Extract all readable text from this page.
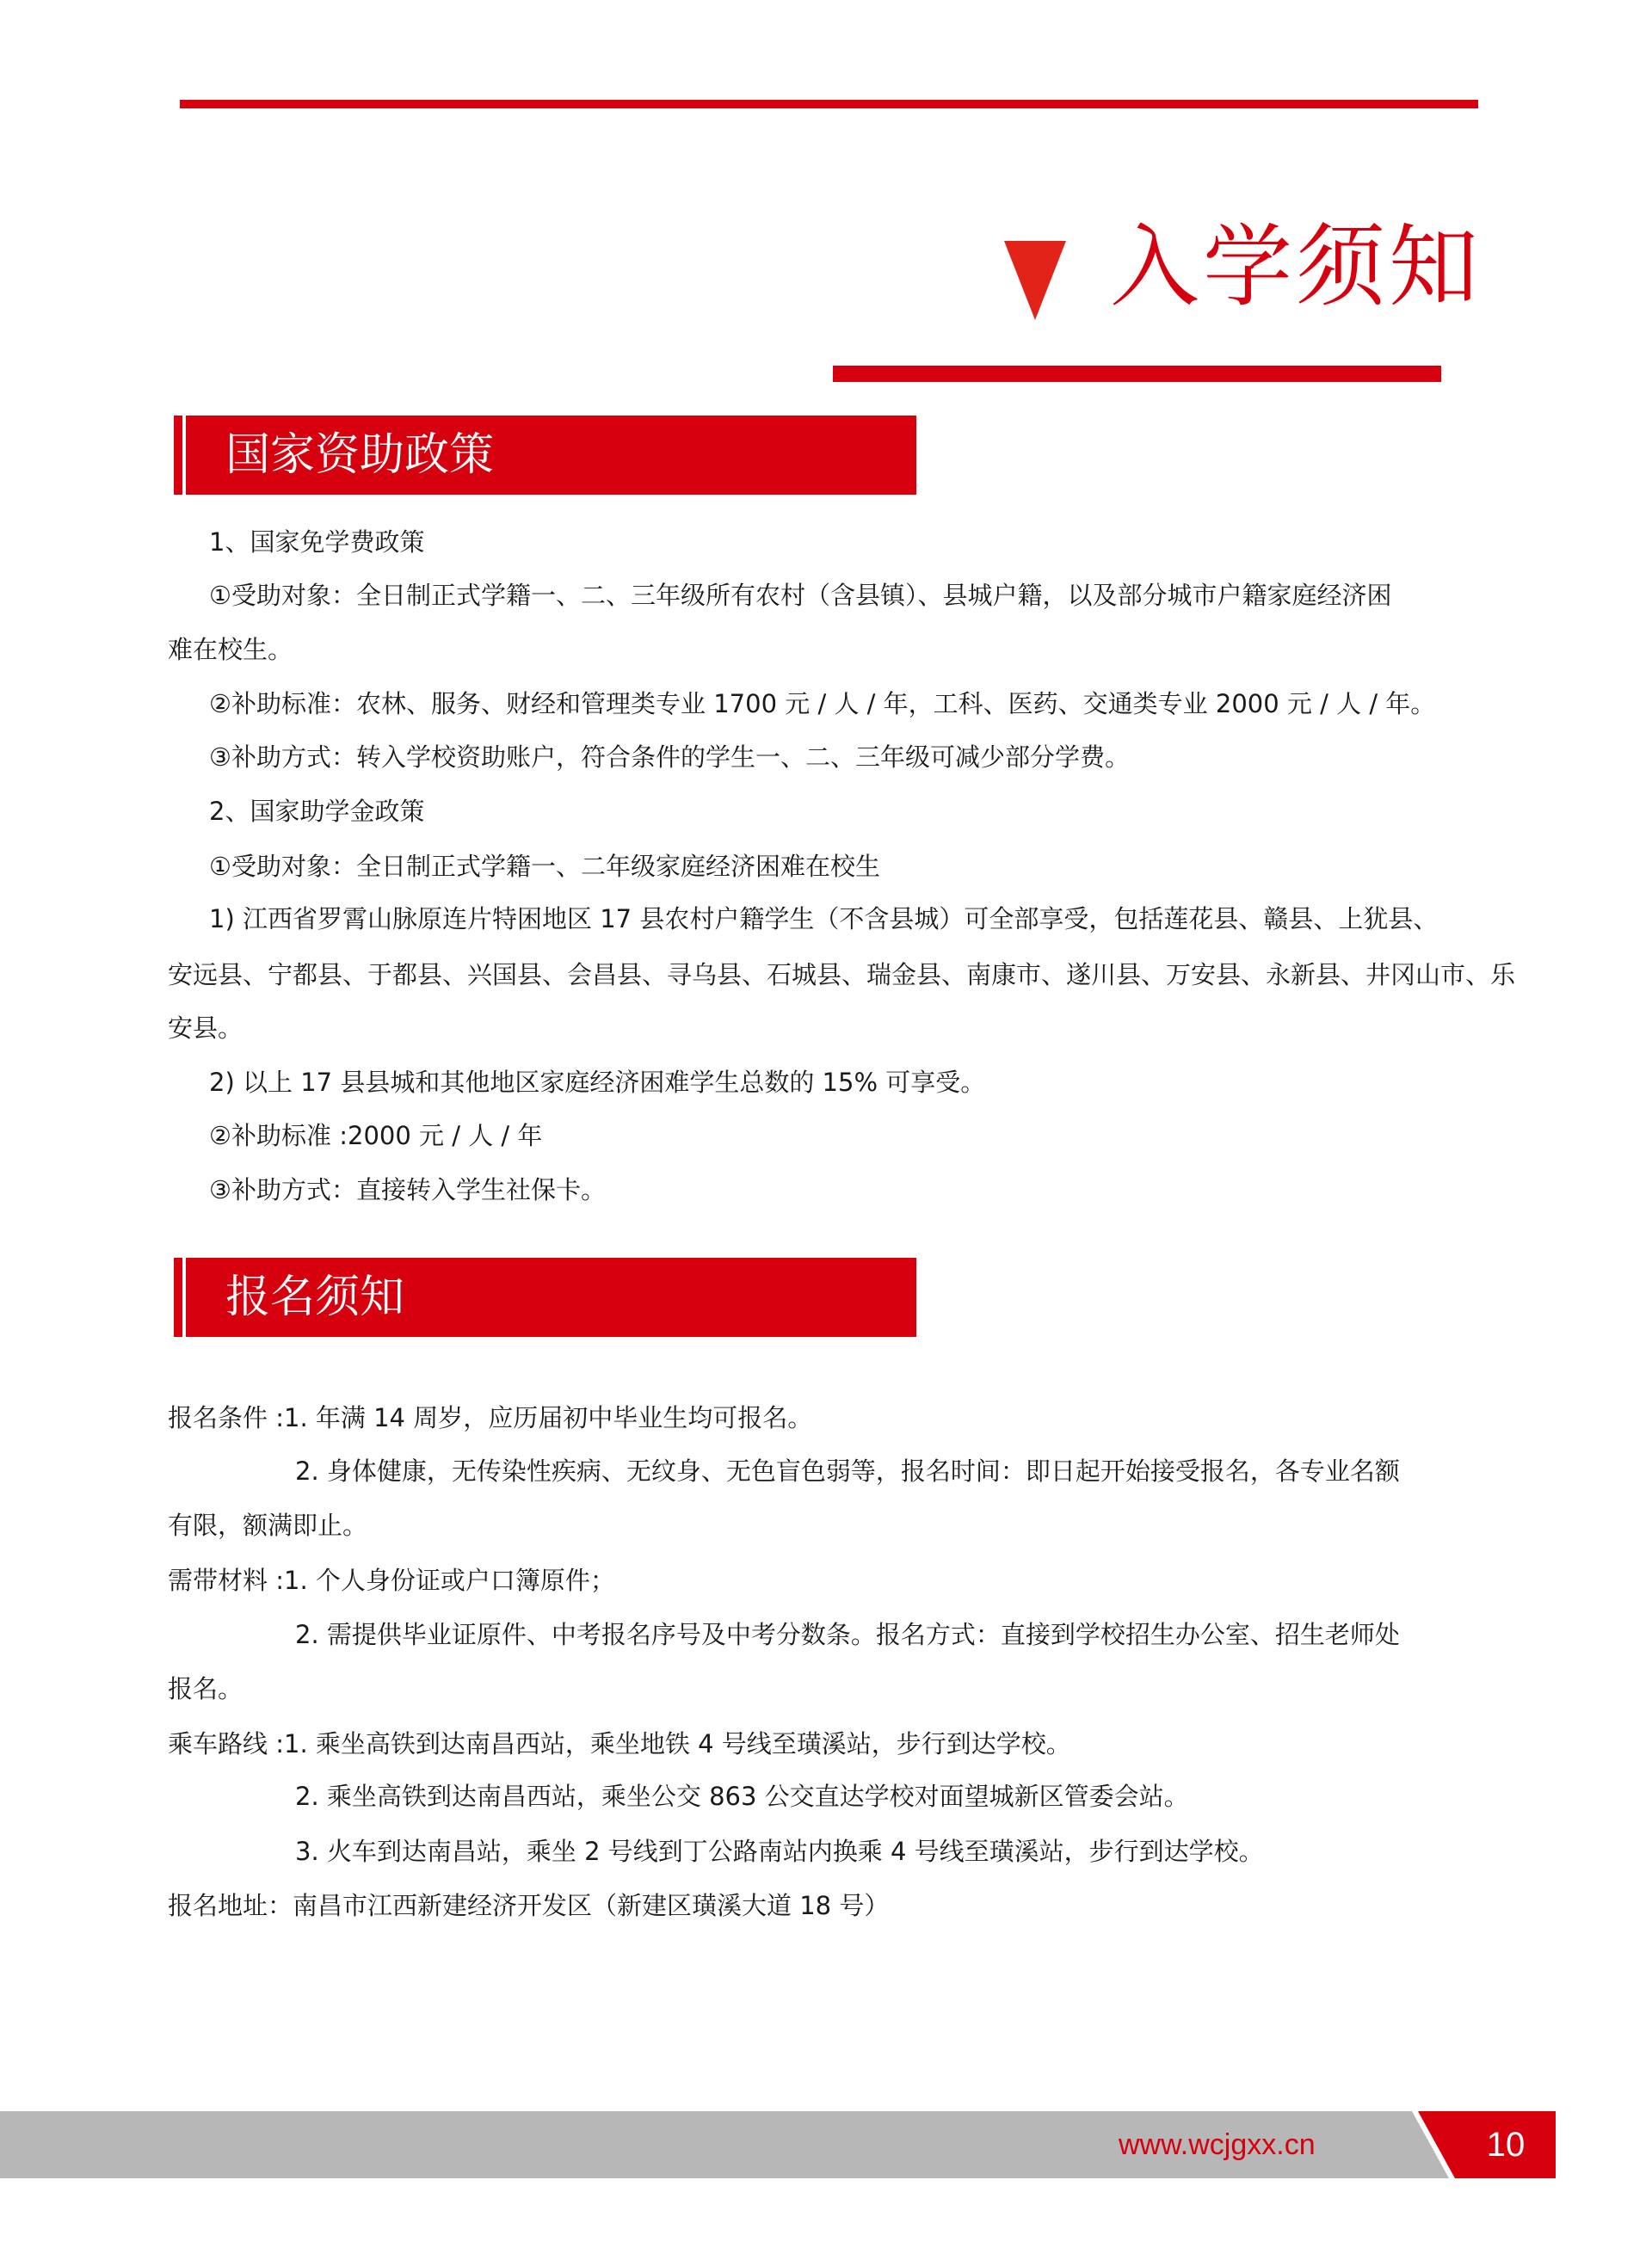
入学须知
国家资助政策
1、国家免学费政策
①受助对象：全日制正式学籍一、二、三年级所有农村（含县镇）、县城户籍，以及部分城市户籍家庭经济困
难在校生。
②补助标准：农林、服务、财经和管理类专业 1700 元 / 人 / 年，工科、医药、交通类专业 2000 元 / 人 / 年。
③补助方式：转入学校资助账户，符合条件的学生一、二、三年级可减少部分学费。
2、国家助学金政策
①受助对象：全日制正式学籍一、二年级家庭经济困难在校生
1) 江西省罗霄山脉原连片特困地区 17 县农村户籍学生（不含县城）可全部享受，包括莲花县、赣县、上犹县、
安远县、宁都县、于都县、兴国县、会昌县、寻乌县、石城县、瑞金县、南康市、遂川县、万安县、永新县、井冈山市、乐
安县。
2) 以上 17 县县城和其他地区家庭经济困难学生总数的 15% 可享受。
②补助标准 :2000 元 / 人 / 年
③补助方式：直接转入学生社保卡。
报名须知
报名条件 :1. 年满 14 周岁，应历届初中毕业生均可报名。
2. 身体健康，无传染性疾病、无纹身、无色盲色弱等，报名时间：即日起开始接受报名，各专业名额
有限，额满即止。
需带材料 :1. 个人身份证或户口簿原件；
2. 需提供毕业证原件、中考报名序号及中考分数条。报名方式：直接到学校招生办公室、招生老师处
报名。
乘车路线 :1. 乘坐高铁到达南昌西站，乘坐地铁 4 号线至璜溪站，步行到达学校。
2. 乘坐高铁到达南昌西站，乘坐公交 863 公交直达学校对面望城新区管委会站。
3. 火车到达南昌站，乘坐 2 号线到丁公路南站内换乘 4 号线至璜溪站，步行到达学校。
报名地址：南昌市江西新建经济开发区（新建区璜溪大道 18 号）
www.wcjgxx.cn	10
